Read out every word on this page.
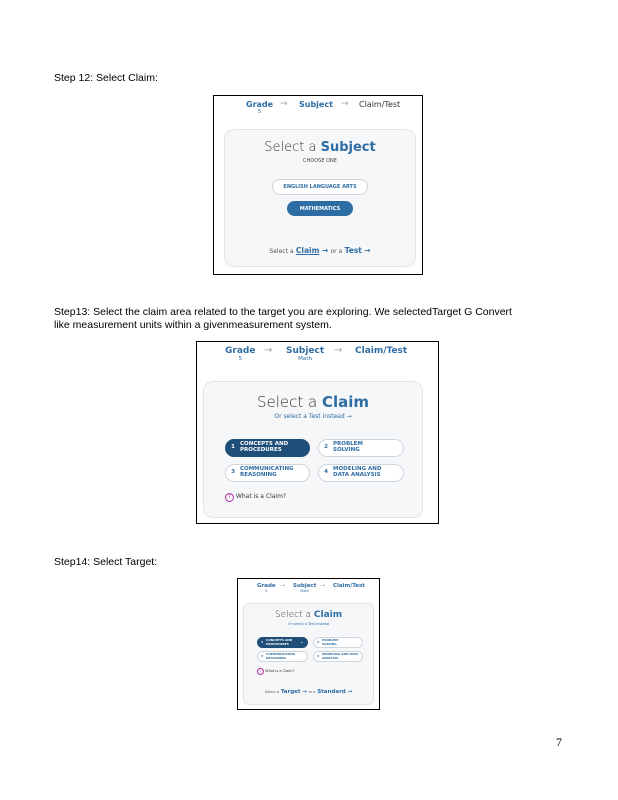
Step 12: Select Claim:
Grade
5
→ Subject → Claim/Test
Select a Subject
CHOOSE ONE
ENGLISH LANGUAGE ARTS
MATHEMATICS
Select a Claim → or a Test →
Step13: Select the claim area related to the target you are exploring. We selectedTarget G Convert
like measurement units within a givenmeasurement system.
Grade
5
→ Subject
Math
→ Claim/Test
Select a Claim
Or select a Test instead →
1 CONCEPTS AND PROCEDURES	2 PROBLEM SOLVING
3 COMMUNICATING REASONING	4 MODELING AND DATA ANALYSIS
? What is a Claim?
Step14: Select Target:
Grade
5
→ Subject
Math
→ Claim/Test
Select a Claim
Or select a Test instead
1 CONCEPTS AND PROCEDURES	⌄	2 PROBLEM SOLVING
3 COMMUNICATING REASONING	4 MODELING AND DATA ANALYSIS
? What is a Claim?
Select a Target → or a Standard →
7
